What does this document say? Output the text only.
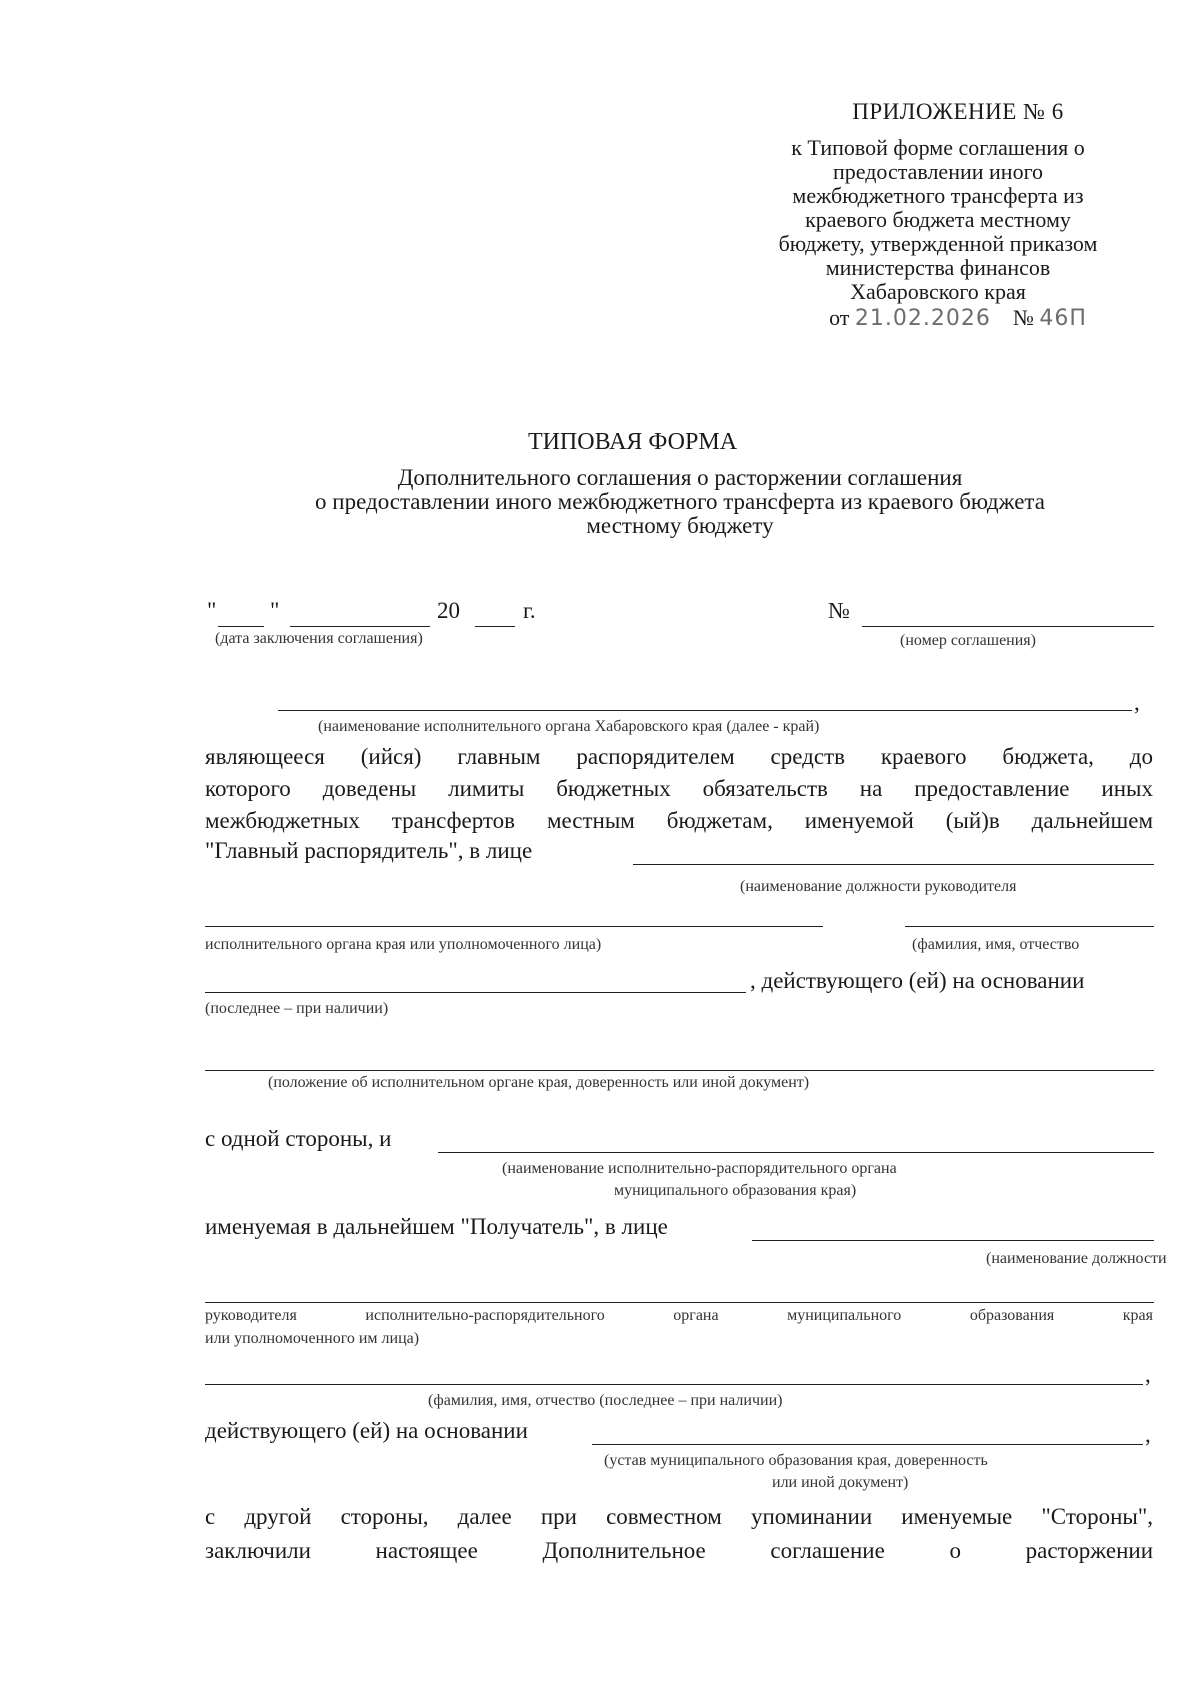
ПРИЛОЖЕНИЕ № 6
к Типовой форме соглашения о
предоставлении иного
межбюджетного трансферта из
краевого бюджета местному
бюджету, утвержденной приказом
министерства финансов
Хабаровского края
от 21.02.2026 № 46П
ТИПОВАЯ ФОРМА
Дополнительного соглашения о расторжении соглашения
о предоставлении иного межбюджетного трансферта из краевого бюджета
местному бюджету
" "	20	г.
(дата заключения соглашения)
№
(номер соглашения)
,
(наименование исполнительного органа Хабаровского края (далее - край)
являющееся (ийся) главным распорядителем средств краевого бюджета, до
которого доведены лимиты бюджетных обязательств на предоставление иных
межбюджетных трансфертов местным бюджетам, именуемой (ый)в дальнейшем
"Главный распорядитель", в лице
(наименование должности руководителя
исполнительного органа края или уполномоченного лица)	(фамилия, имя, отчество
, действующего (ей) на основании
(последнее – при наличии)
(положение об исполнительном органе края, доверенность или иной документ)
с одной стороны, и
(наименование исполнительно-распорядительного органа
муниципального образования края)
именуемая в дальнейшем "Получатель", в лице
(наименование должности
руководителя исполнительно-распорядительного органа муниципального образования края
или уполномоченного им лица)
,
(фамилия, имя, отчество (последнее – при наличии)
действующего (ей) на основании	,
(устав муниципального образования края, доверенность
или иной документ)
с другой стороны, далее при совместном упоминании именуемые "Стороны",
заключили настоящее Дополнительное соглашение о расторжении
